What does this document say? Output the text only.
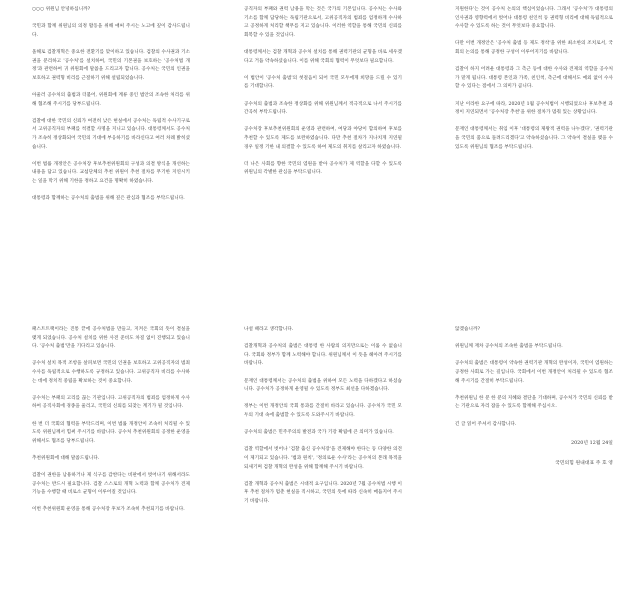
○○○ 위원님 안녕하십니까?

국민과 함께 위원님의 의정 활동을 위해 애써 주시는 노고에 깊이 감사드립니다.

올해로 검찰개혁은 중요한 전환기를 맞이하고 있습니다. 검찰의 수사권과 기소권을 분리하고 '공수처'를 설치하여, 국민의 기본권을 보호하는 '공수처법 개정'과 관련하여 귀 위원회에 말씀을 드리고자 합니다. 공수처는 국민의 인권을 보호하고 권력형 비리를 근절하기 위해 설립되었습니다.

아울러 공수처의 출범과 더불어, 위원회에 계류 중인 법안의 조속한 처리를 위해 협조해 주시기를 당부드립니다.

검찰에 대한 국민의 신뢰가 여전히 낮은 현실에서 공수처는 독립적 수사기구로서 고위공직자의 부패를 척결할 사명을 지니고 있습니다. 대통령께서도 공수처가 조속히 정상화되어 국민의 기대에 부응하기를 바라신다고 여러 차례 밝히셨습니다.

이번 법률 개정안은 공수처장 후보추천위원회의 구성과 의결 방식을 개선하는 내용을 담고 있습니다. 교섭단체의 추천 위원이 추천 절차를 무기한 지연시키는 일을 막기 위해 기한을 정하고 요건을 명확히 하였습니다.

대통령과 함께하는 공수처의 출범을 위해 깊은 관심과 협조를 부탁드립니다.

공직자의 부패와 권력 남용을 막는 것은 국가의 기본입니다. 공수처는 수사와 기소를 함께 담당하는 독립기관으로서, 고위공직자의 범죄를 엄정하게 수사하고 공정하게 처리할 책무를 지고 있습니다. 이러한 역할을 통해 국민의 신뢰를 회복할 수 있을 것입니다.

대통령께서는 검찰 개혁과 공수처 설치를 통해 권력기관의 균형을 바로 세우겠다고 거듭 약속하셨습니다. 이를 위해 국회의 협력이 무엇보다 필요합니다.

이 법안이 '공수처 출범'의 첫걸음이 되어 국민 모두에게 희망을 드릴 수 있기를 기대합니다.

공수처의 출범과 조속한 정상화를 위해 위원님께서 적극적으로 나서 주시기를 간곡히 부탁드립니다.

공수처장 후보추천위원회의 운영과 관련하여, 여당과 야당이 합의하여 후보를 추천할 수 있도록 제도를 보완하였습니다. 다만 추천 절차가 지나치게 지연될 경우 일정 기한 내 의결할 수 있도록 하여 제도의 취지를 살리고자 하였습니다.

더 나은 사회를 향한 국민의 염원을 받아 공수처가 제 역할을 다할 수 있도록 위원님의 각별한 관심을 부탁드립니다.

지원한다'는 것이 공수처 논의의 핵심이었습니다. 그래서 '공수처'가 대통령의 인사권과 영향력에서 벗어나 대통령 친인척 등 권력형 비리에 대해 독립적으로 수사할 수 있도록 하는 것이 무엇보다 중요합니다.

다만 이번 개정안은 '공수처 출범 등 제도 정착'을 위한 최소한의 조치로서, 국회의 논의를 통해 공정한 구성이 이루어지기를 바랍니다.

검찰이 하지 어려운 대통령과 그 측근 등에 대한 수사와 견제의 역할을 공수처가 맡게 됩니다. 대통령 본인과 가족, 친인척, 측근에 대해서도 예외 없이 수사할 수 있다는 점에서 그 의미가 큽니다.

지난 이라한 요구에 따라, 2020년 1월 공수처법이 시행되었으나 후보추천 과정이 지연되면서 '공수처장 추천'을 위한 절차가 멈춰 있는 상황입니다.

문재인 대통령께서는 취임 이후 '대통령의 제왕적 권력을 나누겠다', '권력기관을 국민의 품으로 돌려드리겠다'고 약속하셨습니다. 그 약속이 결실을 맺을 수 있도록 위원님의 협조를 부탁드립니다.

패스트트랙이라는 진통 끝에 공수처법을 만들고, 지켜온 국회의 뜻이 결실을 맺게 되었습니다. 공수처 설치를 위한 사전 준비도 차질 없이 진행되고 있습니다. '공수처 출범'만을 기다리고 있습니다.

공수처 설치 목적 조항을 살펴보면 국민의 인권을 보호하고 고위공직자의 범죄 수사를 독립적으로 수행하도록 규정하고 있습니다. 고위공직자 비리를 수사하는 데에 정치적 중립을 확보하는 것이 중요합니다.

공수처는 부패의 고리를 끊는 기관입니다. 고위공직자의 범죄를 엄정하게 수사하여 공직사회에 경종을 울리고, 국민의 신뢰를 되찾는 계기가 될 것입니다.

한 번 더 국회의 협력을 부탁드리며, 이번 법률 개정안이 조속히 처리될 수 있도록 위원님께서 힘써 주시기를 바랍니다. 공수처 추천위원회의 공정한 운영을 위해서도 협조를 당부드립니다.

추천위원회에 대해 말씀드립니다.

검찰이 권한을 남용하거나 제 식구를 감싼다는 비판에서 벗어나기 위해서라도 공수처는 반드시 필요합니다. 검찰 스스로의 개혁 노력과 함께 공수처가 견제 기능을 수행할 때 비로소 균형이 이루어질 것입니다.

이번 추천위원회 운영을 통해 공수처장 후보가 조속히 추천되기를 바랍니다.

나설 때라고 생각합니다.

검찰개혁과 공수처의 출범은 대통령 한 사람의 의지만으로는 이룰 수 없습니다. 국회와 정부가 함께 노력해야 합니다. 위원님께서 이 뜻을 헤아려 주시기를 바랍니다.

문재인 대통령께서는 공수처의 출범을 위하여 모든 노력을 다하겠다고 하셨습니다. 공수처가 공정하게 운영될 수 있도록 정부도 최선을 다하겠습니다.

정부는 이번 개정안의 국회 통과를 간절히 바라고 있습니다. 공수처가 국민 모두의 기대 속에 출범할 수 있도록 도와주시기 바랍니다.

공수처의 출범은 민주주의의 발전과 국가 기강 확립에 큰 의미가 있습니다.

검찰 역할에서 벗어나 '검찰 출신 공수처장'을 견제해야 한다는 등 다양한 의견이 제기되고 있습니다. '법과 원칙', '정의로운 수사'라는 공수처의 본래 목적을 되새기며 검찰 개혁의 완성을 위해 함께해 주시기 바랍니다.

검찰 개혁과 공수처 출범은 시대적 요구입니다. 2020년 7월 공수처법 시행 이후 추천 절차가 멈춘 현실을 직시하고, 국민의 뜻에 따라 신속히 매듭지어 주시기 바랍니다.

않겠습니까?

위원님께 재차 공수처의 조속한 출범을 부탁드립니다.

공수처의 출범은 대통령이 약속한 권력기관 개혁의 완성이자, 국민이 염원하는 공정한 사회로 가는 길입니다. 국회에서 이번 개정안이 처리될 수 있도록 협조해 주시기를 간절히 부탁드립니다.

추천위원님 한 분 한 분의 지혜와 결단을 기대하며, 공수처가 국민의 신뢰를 받는 기관으로 자리 잡을 수 있도록 함께해 주십시오.

긴 글 읽어 주셔서 감사합니다.

2020년 12월 24일

국민의힘 원내대표 주 호 영
